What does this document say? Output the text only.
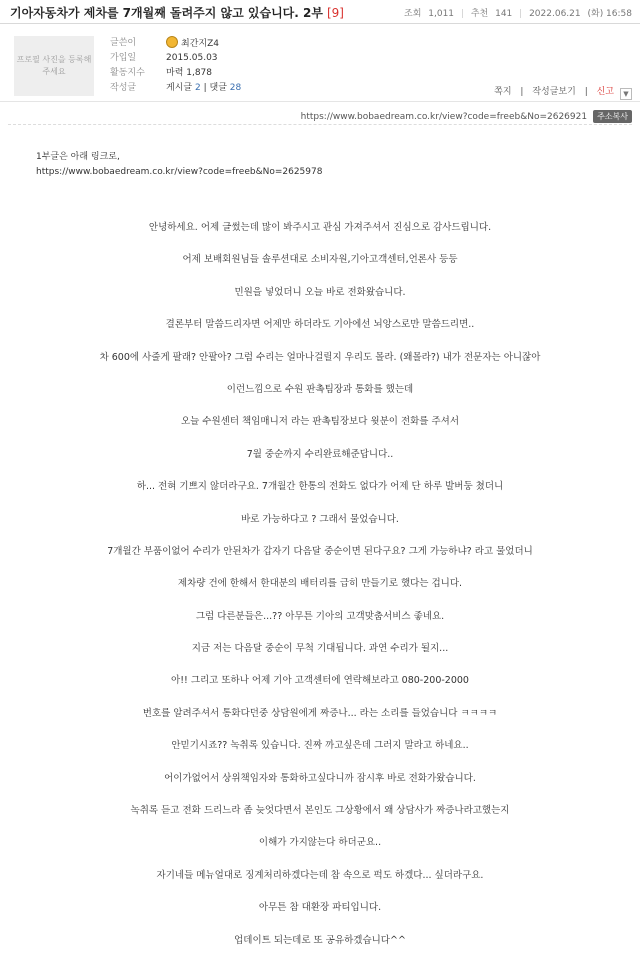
기아자동차가 제차를 7개월째 돌려주지 않고 있습니다. 2부 [9]	조회 1,011 | 추천 141 | 2022.06.21 (화) 16:58
프로필 사진을 등록해주세요
글쓴이
가입일
활동지수
작성글
최간지Z4
2015.05.03
마력 1,878
게시글 2 | 댓글 28	쪽지 | 작성글보기 | 신고 ▼
https://www.bobaedream.co.kr/view?code=freeb&No=2626921 주소복사
1부글은 아래 링크로,
https://www.bobaedream.co.kr/view?code=freeb&No=2625978

안녕하세요. 어제 글썼는데 많이 봐주시고 관심 가져주셔서 진심으로 감사드립니다.

어제 보배회원님들 솔루션대로 소비자원,기아고객센터,언론사 등등

민원을 넣었더니 오늘 바로 전화왔습니다.

결론부터 말씀드리자면 어제만 하더라도 기아에선 뇌앙스로만 말씀드리면..

차 600에 사줄게 팔래? 안팔아? 그럼 수리는 얼마나걸릴지 우리도 몰라. (왜몰라?) 내가 전문자는 아니잖아

이런느낌으로 수원 판촉팀장과 통화를 했는데

오늘 수원센터 책임매니저 라는 판촉팀장보다 윗분이 전화를 주셔서

7월 중순까지 수리완료해준답니다..

하... 전혀 기쁘지 않더라구요. 7개월간 한통의 전화도 없다가 어제 단 하루 발버둥 쳤더니

바로 가능하다고 ? 그래서 물었습니다.

7개월간 부품이없어 수리가 안된차가 갑자기 다음달 중순이면 된다구요? 그게 가능하냐? 라고 물었더니

제차량 건에 한해서 한대분의 배터리를 급히 만들기로 했다는 겁니다.

그럼 다른분들은...?? 아무튼 기아의 고객맞춤서비스 좋네요.

지금 저는 다음달 중순이 무척 기대됩니다. 과연 수리가 될지...

아!! 그리고 또하나 어제 기아 고객센터에 연락해보라고 080-200-2000

번호를 알려주셔서 통화다던중 상담원에게 짜증나... 라는 소리를 들었습니다 ㅋㅋㅋㅋ

안믿기시죠?? 녹취록 있습니다. 진짜 까고싶은데 그러지 말라고 하네요..

어이가없어서 상위책임자와 통화하고싶다니까 잠시후 바로 전화가왔습니다.

녹취록 듣고 전화 드리느라 좀 늦엇다면서 본인도 그상황에서 왜 상담사가 짜증나라고했는지

이해가 가지않는다 하더군요..

자기네들 메뉴얼대로 징계처리하겠다는데 참 속으로 퍽도 하겠다... 싶더라구요.

아무튼 참 대환장 파티입니다.

업데이트 되는데로 또 공유하겠습니다^^
